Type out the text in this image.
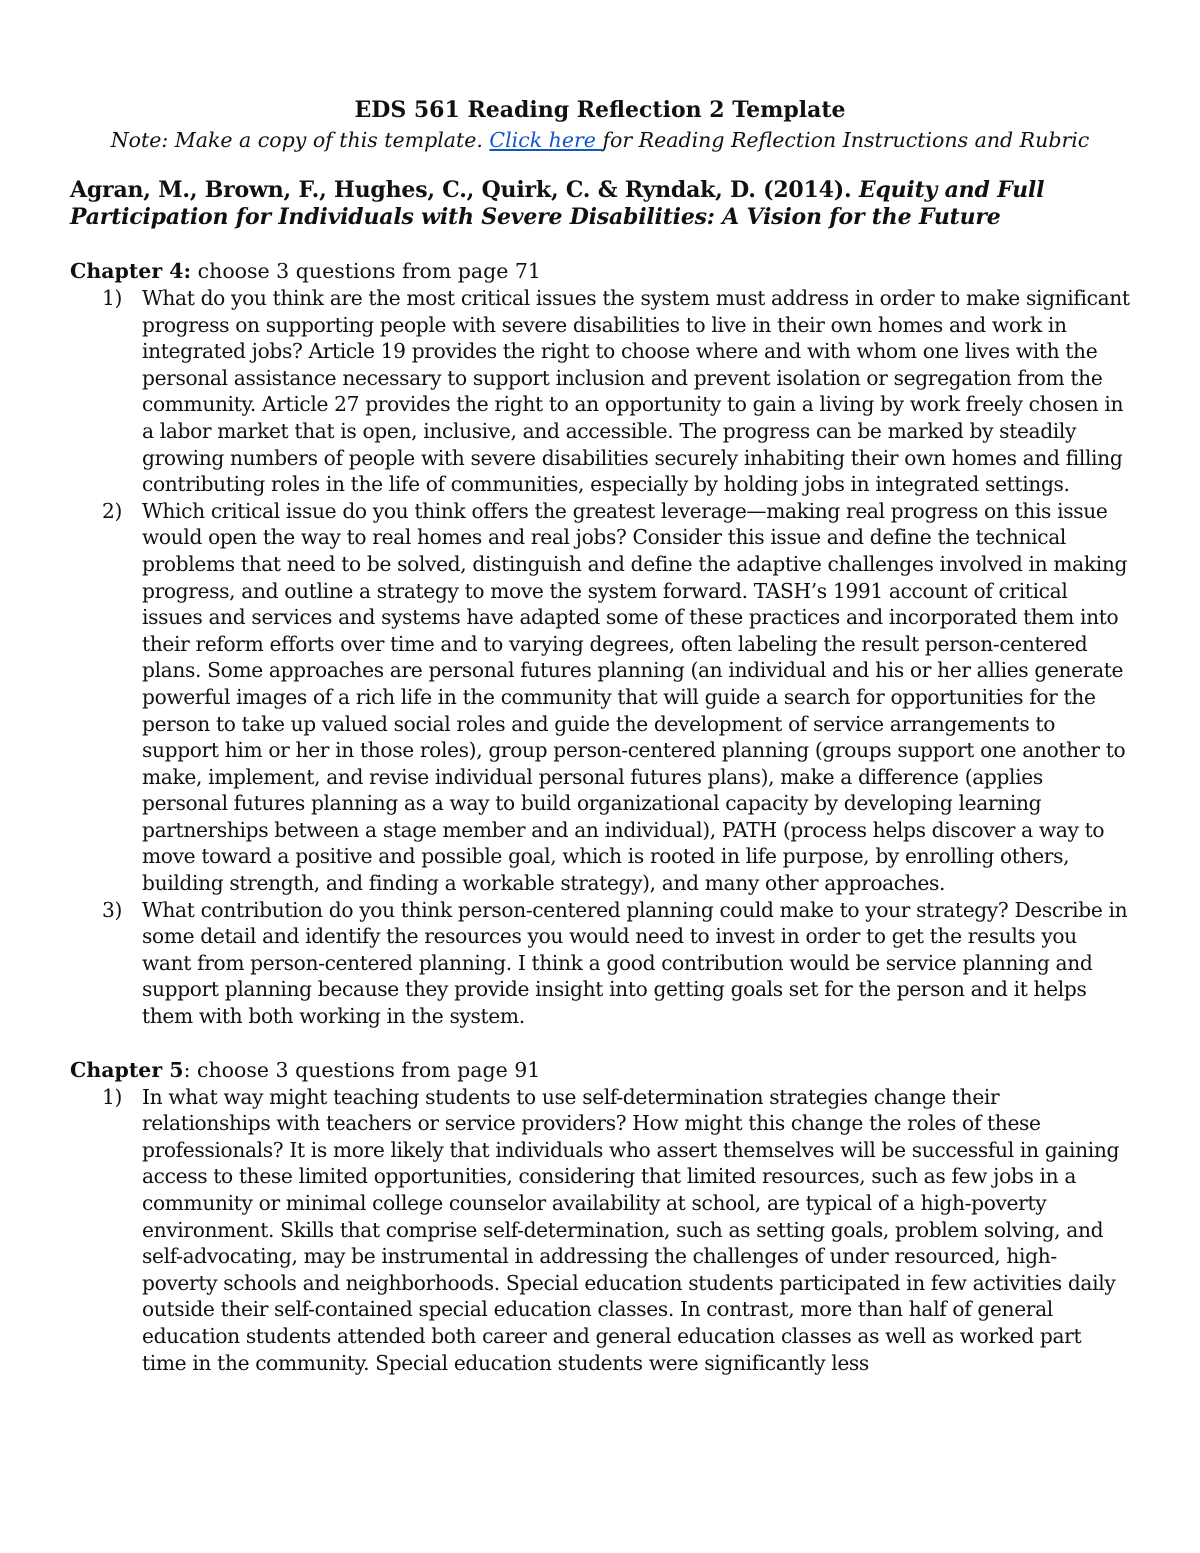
EDS 561 Reading Reflection 2 Template

Note: Make a copy of this template. Click here for Reading Reflection Instructions and Rubric

Agran, M., Brown, F., Hughes, C., Quirk, C. & Ryndak, D. (2014). Equity and Full Participation for Individuals with Severe Disabilities: A Vision for the Future

Chapter 4: choose 3 questions from page 71

1) What do you think are the most critical issues the system must address in order to make significant progress on supporting people with severe disabilities to live in their own homes and work in integrated jobs? Article 19 provides the right to choose where and with whom one lives with the personal assistance necessary to support inclusion and prevent isolation or segregation from the community. Article 27 provides the right to an opportunity to gain a living by work freely chosen in a labor market that is open, inclusive, and accessible. The progress can be marked by steadily growing numbers of people with severe disabilities securely inhabiting their own homes and filling contributing roles in the life of communities, especially by holding jobs in integrated settings.
2) Which critical issue do you think offers the greatest leverage—making real progress on this issue would open the way to real homes and real jobs? Consider this issue and define the technical problems that need to be solved, distinguish and define the adaptive challenges involved in making progress, and outline a strategy to move the system forward. TASH’s 1991 account of critical issues and services and systems have adapted some of these practices and incorporated them into their reform efforts over time and to varying degrees, often labeling the result person-centered plans. Some approaches are personal futures planning (an individual and his or her allies generate powerful images of a rich life in the community that will guide a search for opportunities for the person to take up valued social roles and guide the development of service arrangements to support him or her in those roles), group person-centered planning (groups support one another to make, implement, and revise individual personal futures plans), make a difference (applies personal futures planning as a way to build organizational capacity by developing learning partnerships between a stage member and an individual), PATH (process helps discover a way to move toward a positive and possible goal, which is rooted in life purpose, by enrolling others, building strength, and finding a workable strategy), and many other approaches.
3) What contribution do you think person-centered planning could make to your strategy? Describe in some detail and identify the resources you would need to invest in order to get the results you want from person-centered planning. I think a good contribution would be service planning and support planning because they provide insight into getting goals set for the person and it helps them with both working in the system.

Chapter 5: choose 3 questions from page 91

1) In what way might teaching students to use self-determination strategies change their relationships with teachers or service providers? How might this change the roles of these professionals? It is more likely that individuals who assert themselves will be successful in gaining access to these limited opportunities, considering that limited resources, such as few jobs in a community or minimal college counselor availability at school, are typical of a high-poverty environment. Skills that comprise self-determination, such as setting goals, problem solving, and self-advocating, may be instrumental in addressing the challenges of under resourced, high-poverty schools and neighborhoods. Special education students participated in few activities daily outside their self-contained special education classes. In contrast, more than half of general education students attended both career and general education classes as well as worked part time in the community. Special education students were significantly less
